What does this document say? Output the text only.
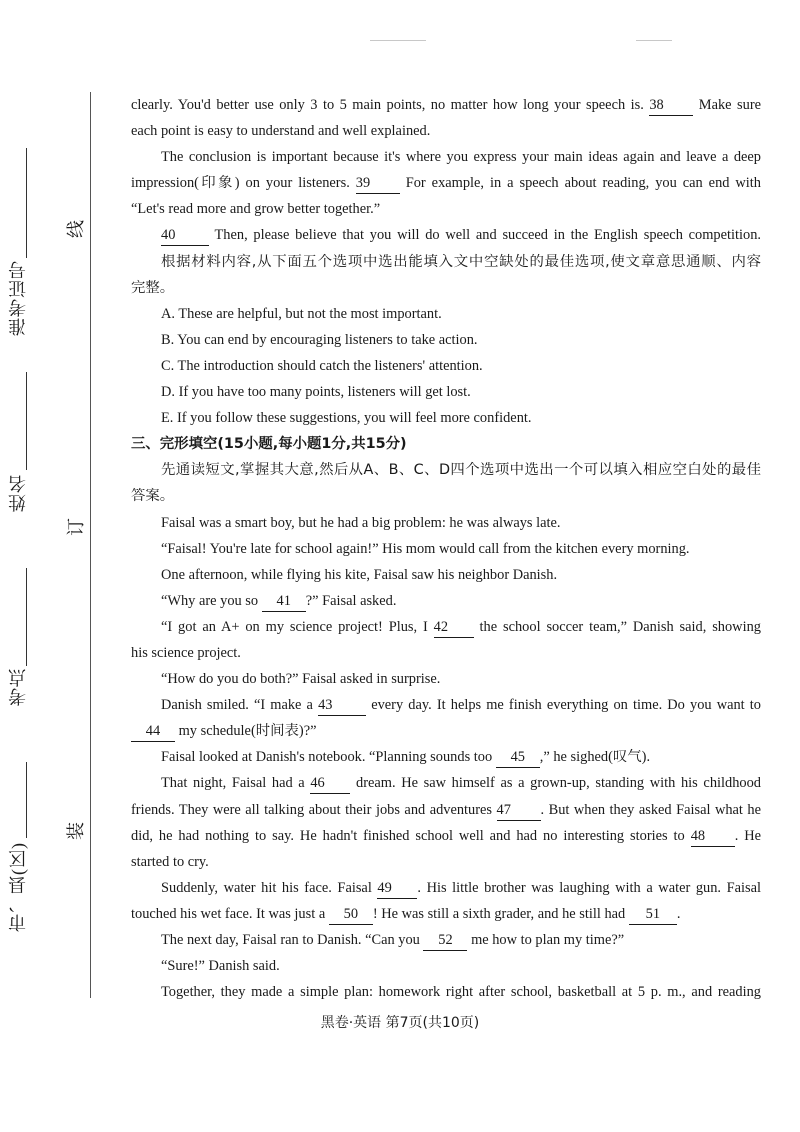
准考证号
姓名
考点
市、县(区)
线
订
装
clearly. You'd better use only 3 to 5 main points, no matter how long your speech is. 38 Make sure
each point is easy to understand and well explained.
The conclusion is important because it's where you express your main ideas again and leave a deep
impression(印象) on your listeners. 39 For example, in a speech about reading, you can end with
“Let's read more and grow better together.”
40	Then, please believe that you will do well and succeed in the English speech competition.
根据材料内容,从下面五个选项中选出能填入文中空缺处的最佳选项,使文章意思通顺、内容
完整。
A. These are helpful, but not the most important.
B. You can end by encouraging listeners to take action.
C. The introduction should catch the listeners' attention.
D. If you have too many points, listeners will get lost.
E. If you follow these suggestions, you will feel more confident.
三、完形填空(15小题,每小题1分,共15分)
先通读短文,掌握其大意,然后从A、B、C、D四个选项中选出一个可以填入相应空白处的最佳
答案。
Faisal was a smart boy, but he had a big problem: he was always late.
“Faisal! You're late for school again!” His mom would call from the kitchen every morning.
One afternoon, while flying his kite, Faisal saw his neighbor Danish.
“Why are you so 41 ?” Faisal asked.
“I got an A+ on my science project! Plus, I 42 the school soccer team,” Danish said, showing
his science project.
“How do you do both?” Faisal asked in surprise.
Danish smiled. “I make a 43	every day. It helps me finish everything on time. Do you want to
44 my schedule(时间表)?”
Faisal looked at Danish's notebook. “Planning sounds too 45 ,” he sighed(叹气).
That night, Faisal had a 46 dream. He saw himself as a grown-up, standing with his childhood
friends. They were all talking about their jobs and adventures 47 . But when they asked Faisal what he
did, he had nothing to say. He hadn't finished school well and had no interesting stories to 48 . He
started to cry.
Suddenly, water hit his face. Faisal 49 . His little brother was laughing with a water gun. Faisal
touched his wet face. It was just a 50 ! He was still a sixth grader, and he still had 51 .
The next day, Faisal ran to Danish. “Can you 52 me how to plan my time?”
“Sure!” Danish said.
Together, they made a simple plan: homework right after school, basketball at 5 p. m., and reading
黑卷·英语 第7页(共10页)
